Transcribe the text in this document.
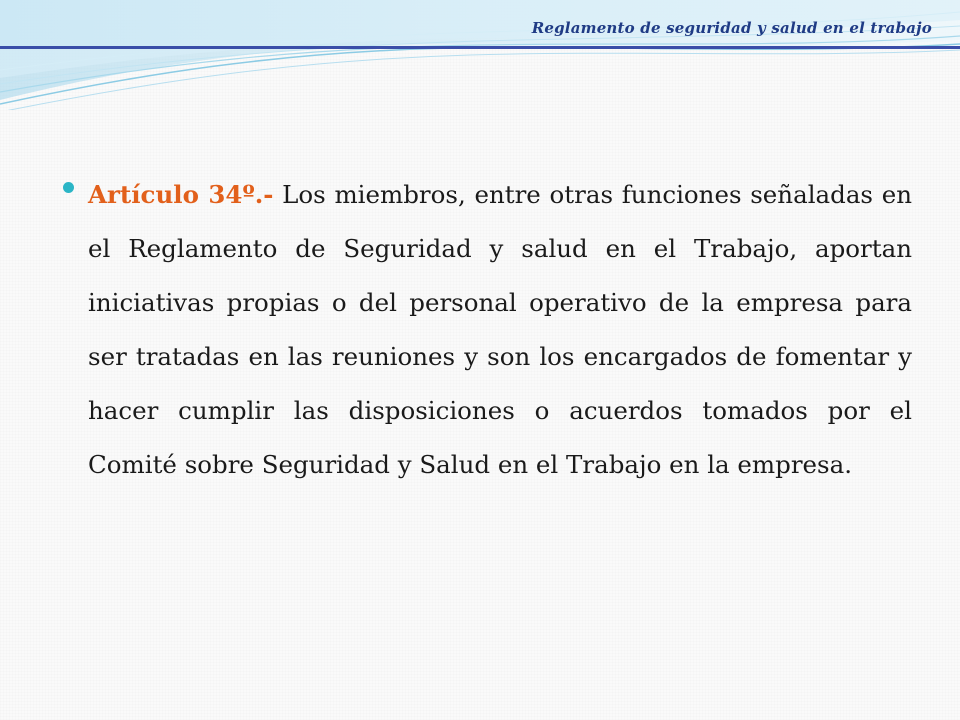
Reglamento de seguridad y salud en el trabajo

Artículo 34º.- Los miembros, entre otras funciones señaladas en el Reglamento de Seguridad y salud en el Trabajo, aportan iniciativas propias o del personal operativo de la empresa para ser tratadas en las reuniones y son los encargados de fomentar y hacer cumplir las disposiciones o acuerdos tomados por el Comité sobre Seguridad y Salud en el Trabajo en la empresa.
